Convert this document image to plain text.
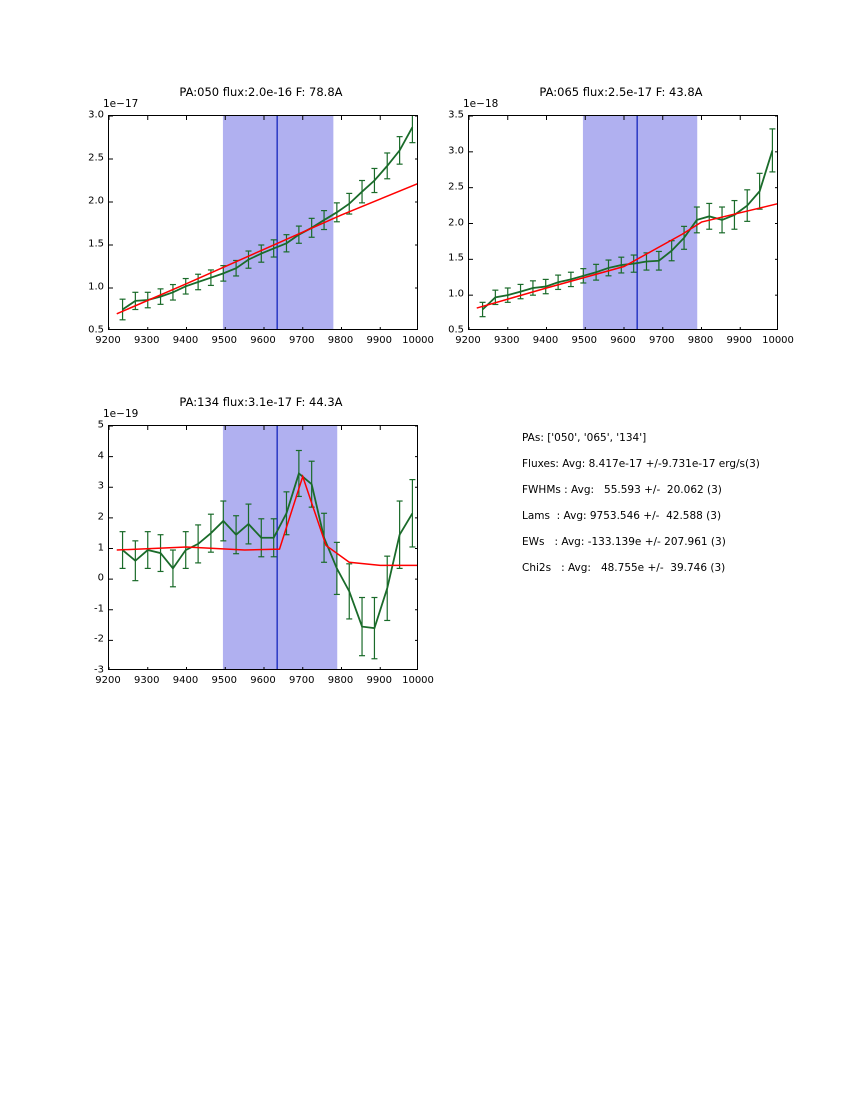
PA:050 flux:2.0e-16 F: 78.8A

1e−17

PA:065 flux:2.5e-17 F: 43.8A

1e−18

PA:134 flux:3.1e-17 F: 44.3A

1e−19
PAs: ['050', '065', '134']
Fluxes: Avg: 8.417e-17 +/-9.731e-17 erg/s(3)
FWHMs : Avg:   55.593 +/-  20.062 (3)
Lams  : Avg: 9753.546 +/-  42.588 (3)
EWs   : Avg: -133.139e +/- 207.961 (3)
Chi2s   : Avg:   48.755e +/-  39.746 (3)
9200 9300 9400 9500 9600 9700 9800 9900 10000
0.5
1.0
1.5
2.0
2.5
3.0
9200 9300 9400 9500 9600 9700 9800 9900 10000
0.5
1.0
1.5
2.0
2.5
3.0
3.5
9200 9300 9400 9500 9600 9700 9800 9900 10000
-3
-2
-1
0
1
2
3
4
5
